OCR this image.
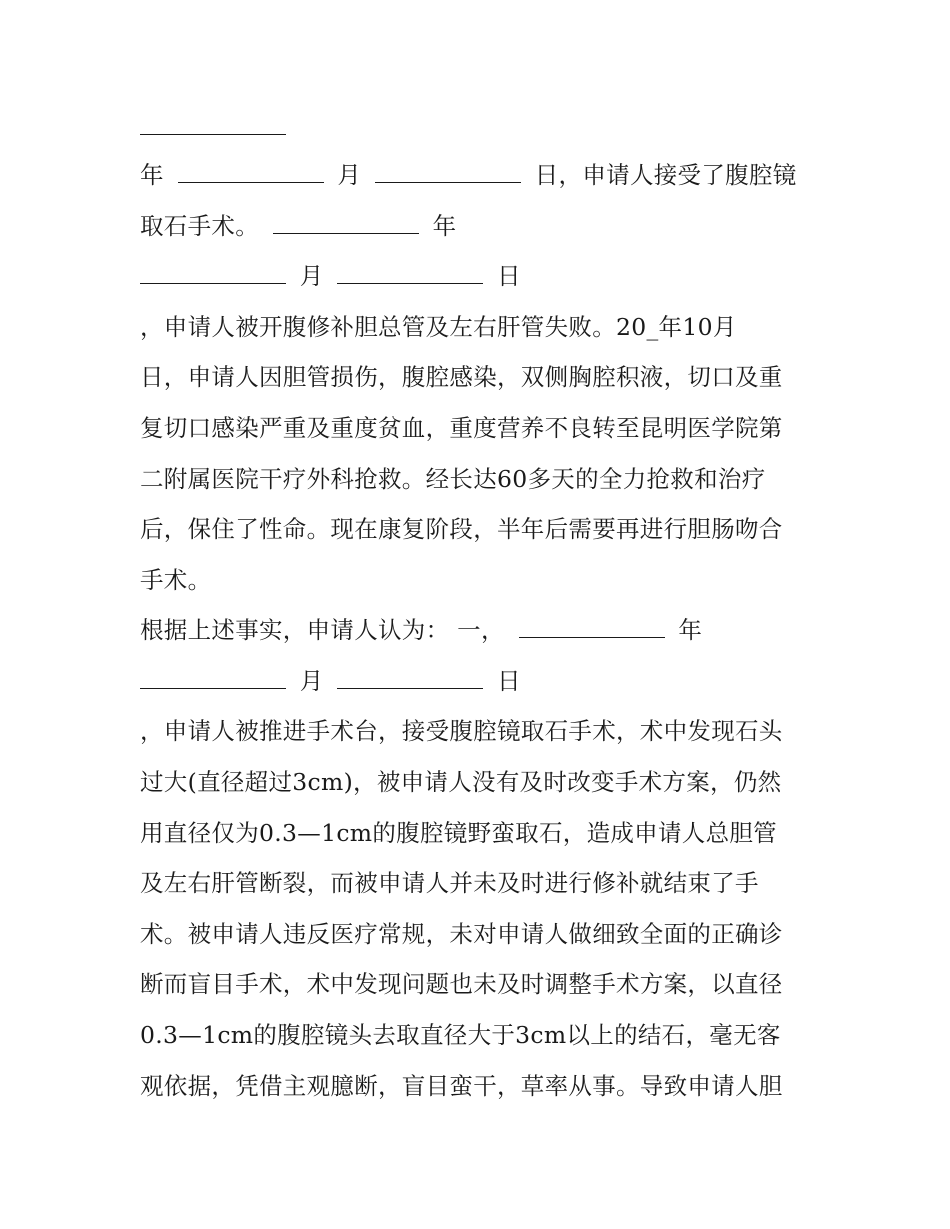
年	月	日，申请人接受了腹腔镜
取石手术。	年
月	日
，申请人被开腹修补胆总管及左右肝管失败。20_年10月
日，申请人因胆管损伤，腹腔感染，双侧胸腔积液，切口及重
复切口感染严重及重度贫血，重度营养不良转至昆明医学院第
二附属医院干疗外科抢救。经长达60多天的全力抢救和治疗
后，保住了性命。现在康复阶段，半年后需要再进行胆肠吻合
手术。
根据上述事实，申请人认为： 一，	年
月	日
，申请人被推进手术台，接受腹腔镜取石手术，术中发现石头
过大(直径超过3cm)，被申请人没有及时改变手术方案，仍然
用直径仅为0.3—1cm的腹腔镜野蛮取石，造成申请人总胆管
及左右肝管断裂，而被申请人并未及时进行修补就结束了手
术。被申请人违反医疗常规，未对申请人做细致全面的正确诊
断而盲目手术，术中发现问题也未及时调整手术方案，以直径
0.3—1cm的腹腔镜头去取直径大于3cm以上的结石，毫无客
观依据，凭借主观臆断，盲目蛮干，草率从事。导致申请人胆
